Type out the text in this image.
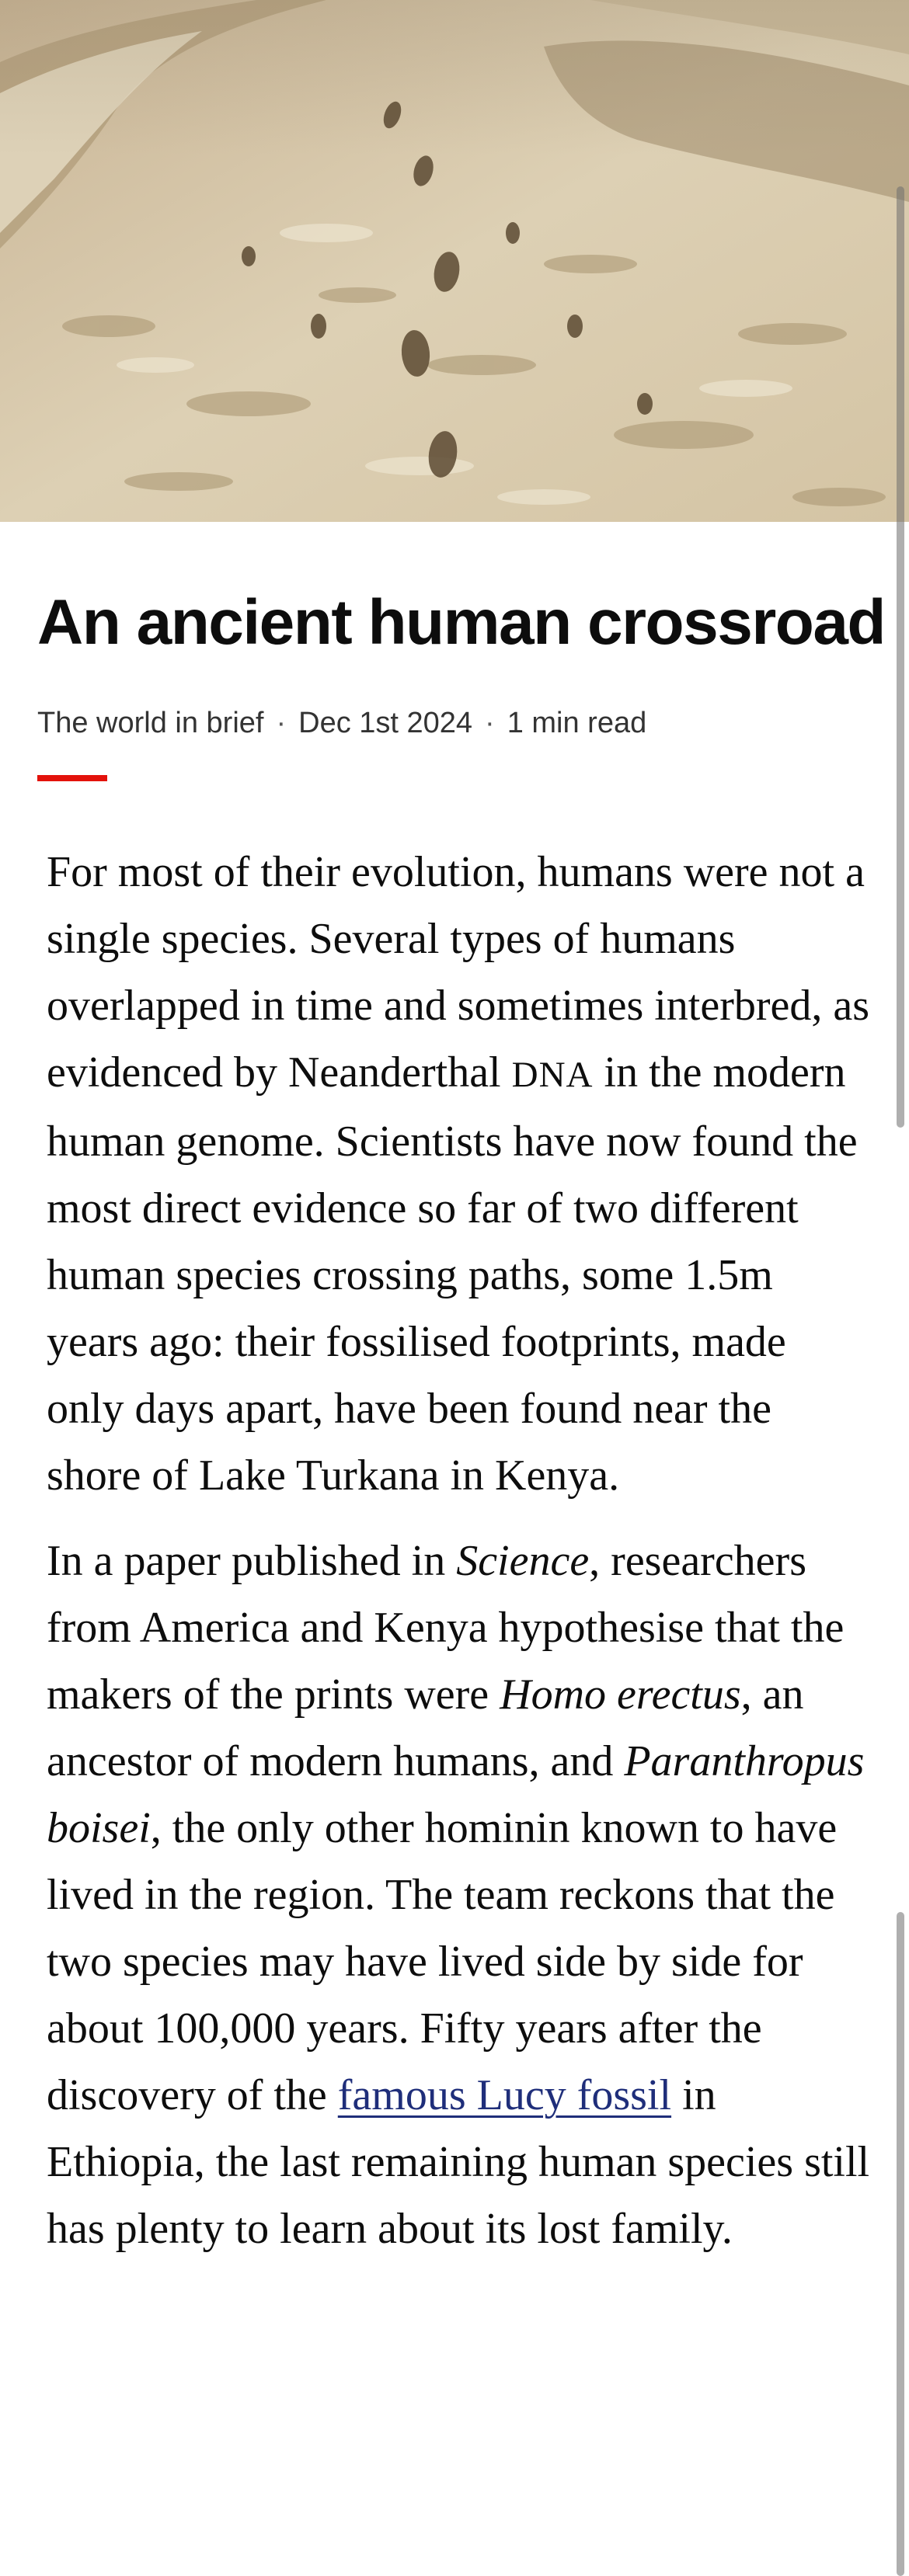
An ancient human crossroad
The world in brief · Dec 1st 2024 · 1 min read

For most of their evolution, humans were not a single species. Several types of humans overlapped in time and sometimes interbred, as evidenced by Neanderthal DNA in the modern human genome. Scientists have now found the most direct evidence so far of two different human species crossing paths, some 1.5m years ago: their fossilised footprints, made only days apart, have been found near the shore of Lake Turkana in Kenya.

In a paper published in Science, researchers from America and Kenya hypothesise that the makers of the prints were Homo erectus, an ancestor of modern humans, and Paranthropus boisei, the only other hominin known to have lived in the region. The team reckons that the two species may have lived side by side for about 100,000 years. Fifty years after the discovery of the famous Lucy fossil in Ethiopia, the last remaining human species still has plenty to learn about its lost family.
